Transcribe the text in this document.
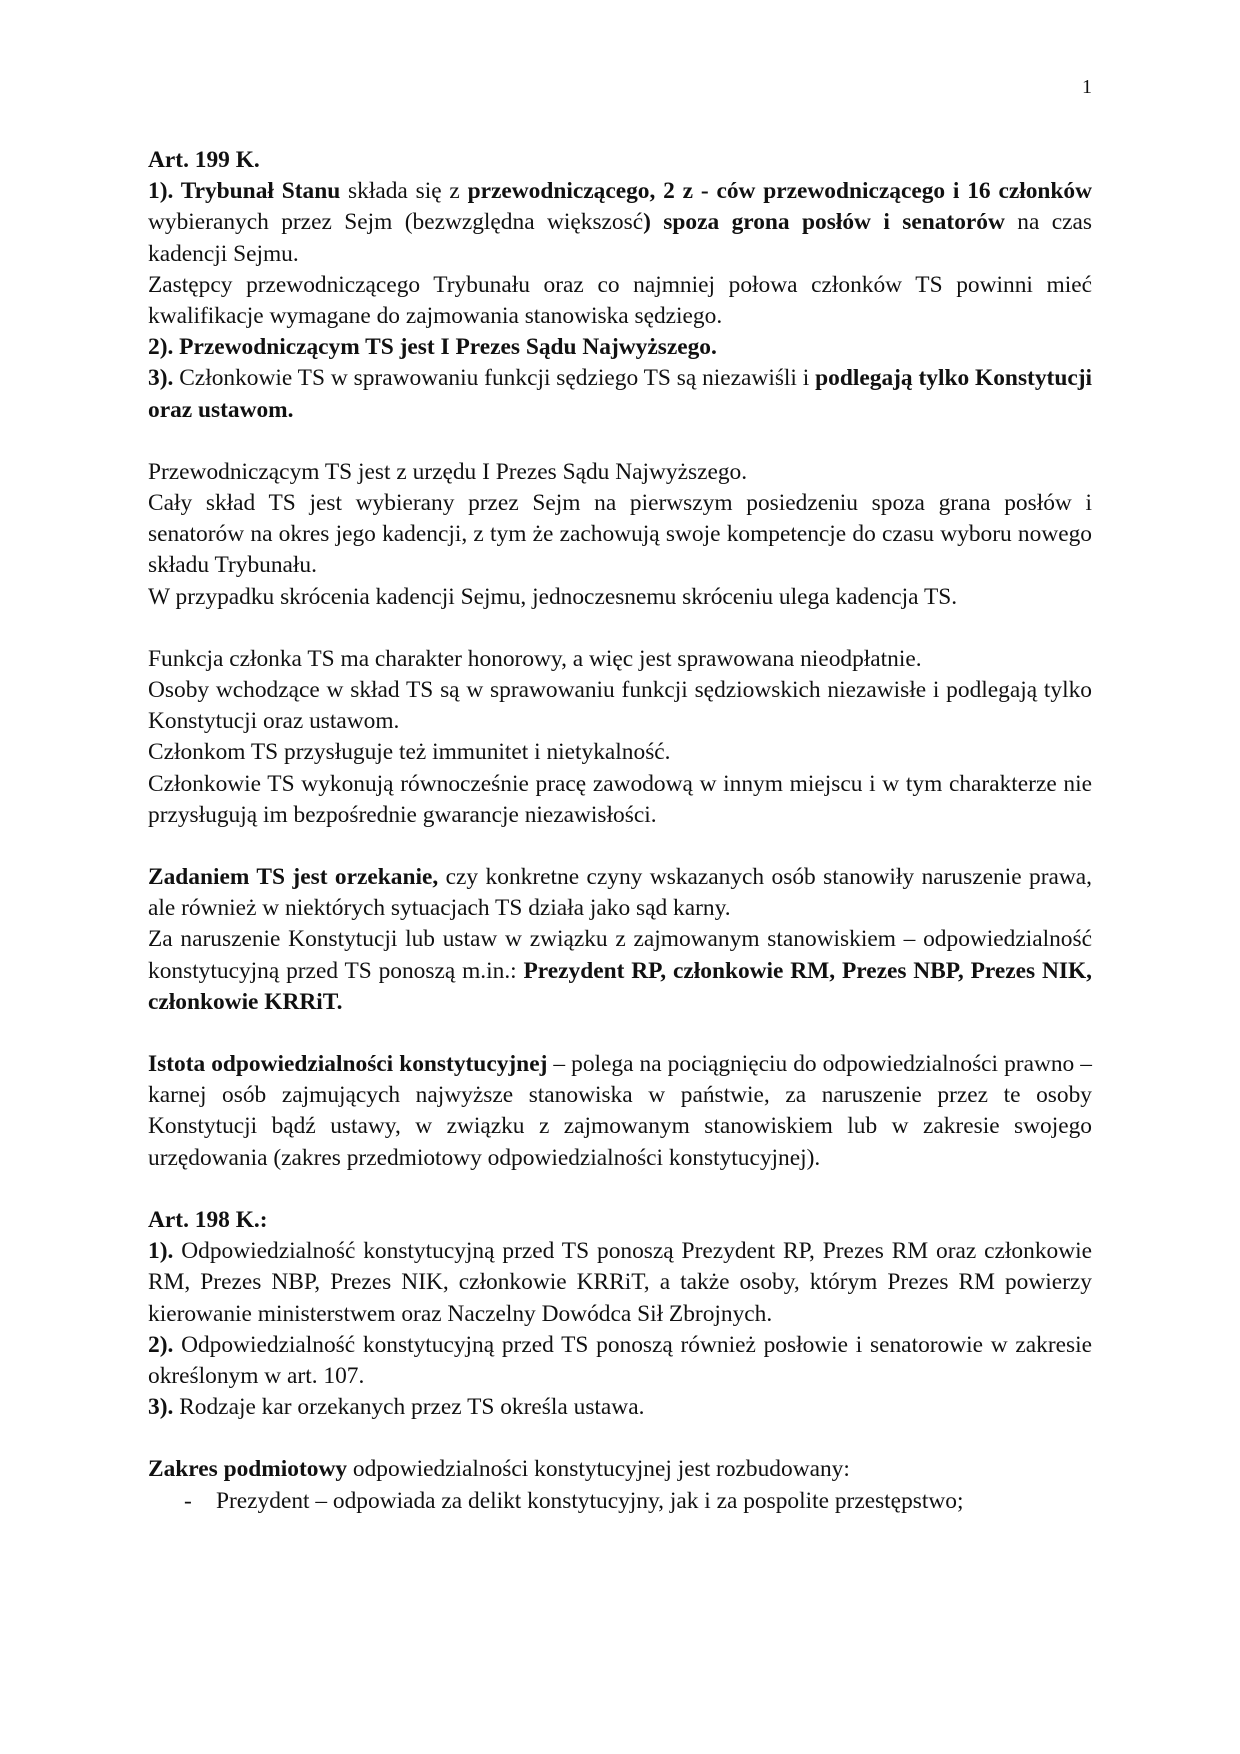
1

Art. 199 K.

1). Trybunał Stanu składa się z przewodniczącego, 2 z - ców przewodniczącego i 16 członków wybieranych przez Sejm (bezwzględna większosć) spoza grona posłów i senatorów na czas kadencji Sejmu.

Zastępcy przewodniczącego Trybunału oraz co najmniej połowa członków TS powinni mieć kwalifikacje wymagane do zajmowania stanowiska sędziego.

2). Przewodniczącym TS jest I Prezes Sądu Najwyższego.

3). Członkowie TS w sprawowaniu funkcji sędziego TS są niezawiśli i podlegają tylko Konstytucji oraz ustawom.

Przewodniczącym TS jest z urzędu I Prezes Sądu Najwyższego.

Cały skład TS jest wybierany przez Sejm na pierwszym posiedzeniu spoza grana posłów i senatorów na okres jego kadencji, z tym że zachowują swoje kompetencje do czasu wyboru nowego składu Trybunału.

W przypadku skrócenia kadencji Sejmu, jednoczesnemu skróceniu ulega kadencja TS.

Funkcja członka TS ma charakter honorowy, a więc jest sprawowana nieodpłatnie.

Osoby wchodzące w skład TS są w sprawowaniu funkcji sędziowskich niezawisłe i podlegają tylko Konstytucji oraz ustawom.

Członkom TS przysługuje też immunitet i nietykalność.

Członkowie TS wykonują równocześnie pracę zawodową w innym miejscu i w tym charakterze nie przysługują im bezpośrednie gwarancje niezawisłości.

Zadaniem TS jest orzekanie, czy konkretne czyny wskazanych osób stanowiły naruszenie prawa, ale również w niektórych sytuacjach TS działa jako sąd karny.

Za naruszenie Konstytucji lub ustaw w związku z zajmowanym stanowiskiem – odpowiedzialność konstytucyjną przed TS ponoszą m.in.: Prezydent RP, członkowie RM, Prezes NBP, Prezes NIK, członkowie KRRiT.

Istota odpowiedzialności konstytucyjnej – polega na pociągnięciu do odpowiedzialności prawno – karnej osób zajmujących najwyższe stanowiska w państwie, za naruszenie przez te osoby Konstytucji bądź ustawy, w związku z zajmowanym stanowiskiem lub w zakresie swojego urzędowania (zakres przedmiotowy odpowiedzialności konstytucyjnej).

Art. 198 K.:

1). Odpowiedzialność konstytucyjną przed TS ponoszą Prezydent RP, Prezes RM oraz członkowie RM, Prezes NBP, Prezes NIK, członkowie KRRiT, a także osoby, którym Prezes RM powierzy kierowanie ministerstwem oraz Naczelny Dowódca Sił Zbrojnych.

2). Odpowiedzialność konstytucyjną przed TS ponoszą również posłowie i senatorowie w zakresie określonym w art. 107.

3). Rodzaje kar orzekanych przez TS określa ustawa.

Zakres podmiotowy odpowiedzialności konstytucyjnej jest rozbudowany:

-	Prezydent – odpowiada za delikt konstytucyjny, jak i za pospolite przestępstwo;
